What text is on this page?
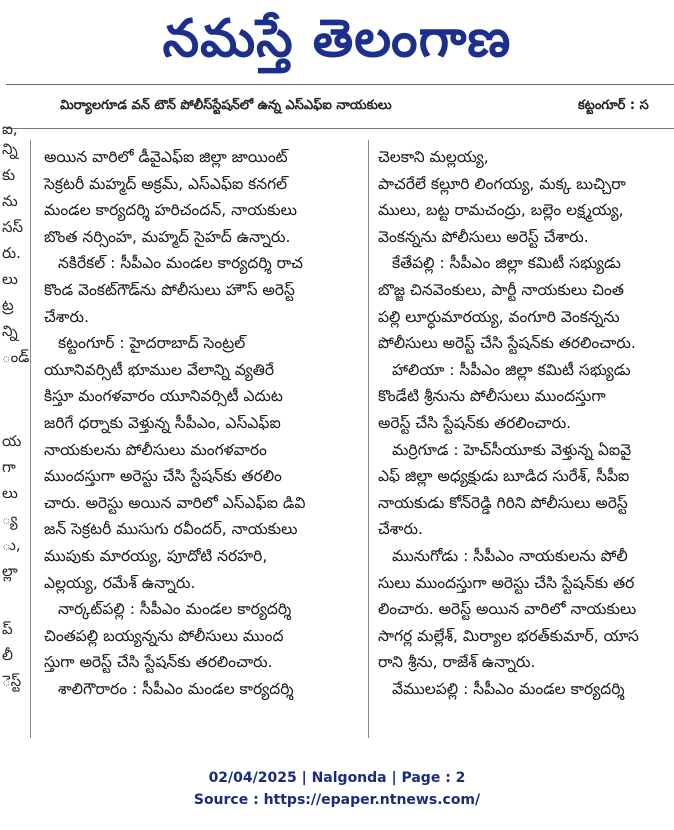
నమస్తే తెలంగాణ
మిర్యాలగూడ వన్ టౌన్ పోలీస్‌స్టేషన్‌లో ఉన్న ఎస్ఎఫ్ఐ నాయకులు	కట్టంగూర్ : స
ఐ,
న్ని
కు
ను
సస్
రు.
లు
ట్ర
న్ని
ండ్
య
గా
లు
్య
ు,
ల్లా
ప్
లీ
ెస్ట్

అయిన వారిలో డీవైఎఫ్ఐ జిల్లా జాయింట్

సెక్రటరీ మహ్మద్ అక్రమ్, ఎస్ఎఫ్ఐ కనగల్

మండల కార్యదర్శి హరిచందన్, నాయకులు

బొంత నర్సింహ, మహ్మద్ సైహద్ ఉన్నారు.

నకిరేకల్ : సీపీఎం మండల కార్యదర్శి రాచ

కొండ వెంకట్‌గౌడ్‌ను పోలీసులు హౌస్ అరెస్ట్

చేశారు.

కట్టంగూర్ : హైదరాబాద్ సెంట్రల్

యూనివర్సిటీ భూముల వేలాన్ని వ్యతిరే

కిస్తూ మంగళవారం యూనివర్సిటీ ఎదుట

జరిగే ధర్నాకు వెళ్తున్న సీపీఎం, ఎస్ఎఫ్ఐ

నాయకులను పోలీసులు మంగళవారం

ముందస్తుగా అరెస్టు చేసి స్టేషన్‌కు తరలిం

చారు. అరెస్టు అయిన వారిలో ఎస్ఎఫ్ఐ డివి

జన్ సెక్రటరీ ముసుగు రవీందర్, నాయకులు

ముపుకు మారయ్య, పూదోటి నరహరి,

ఎల్లయ్య, రమేశ్ ఉన్నారు.

నార్కట్‌పల్లి : సీపీఎం మండల కార్యదర్శి

చింతపల్లి బయ్యన్నను పోలీసులు ముంద

స్తుగా అరెస్ట్ చేసి స్టేషన్‌కు తరలించారు.

శాలిగౌరారం : సీపీఎం మండల కార్యదర్శి

చెలకాని మల్లయ్య,

పాచరేలే కల్లూరి లింగయ్య, మక్క బుచ్చిరా

ములు, బట్ట రామచంద్రు, బల్లెం లక్ష్మయ్య,

వెంకన్నను పోలీసులు అరెస్ట్ చేశారు.

కేతేపల్లి : సీపీఎం జిల్లా కమిటీ సభ్యుడు

బొజ్జ చినవెంకులు, పార్టీ నాయకులు చింత

పల్లి లూర్ధుమారయ్య, వంగూరి వెంకన్నను

పోలీసులు అరెస్ట్ చేసి స్టేషన్‌కు తరలించారు.

హాలియా : సీపీఎం జిల్లా కమిటీ సభ్యుడు

కొండేటి శ్రీనును పోలీసులు ముందస్తుగా

అరెస్ట్ చేసి స్టేషన్‌కు తరలించారు.

మర్రిగూడ : హెచ్‌సీయూకు వెళ్తున్న ఏఐవై

ఎఫ్ జిల్లా అధ్యక్షుడు బూడిద సురేశ్, సీపీఐ

నాయకుడు కోన్‌రెడ్డి గిరిని పోలీసులు అరెస్ట్

చేశారు.

మునుగోడు : సీపీఎం నాయకులను పోలీ

సులు ముందస్తుగా అరెస్టు చేసి స్టేషన్‌కు తర

లించారు. అరెస్ట్ అయిన వారిలో నాయకులు

సాగర్ల మల్లేశ్, మిర్యాల భరత్‌కుమార్, యాస

రాని శ్రీను, రాజేశ్ ఉన్నారు.

వేములపల్లి : సీపీఎం మండల కార్యదర్శి

02/04/2025 | Nalgonda | Page : 2
Source : https://epaper.ntnews.com/
